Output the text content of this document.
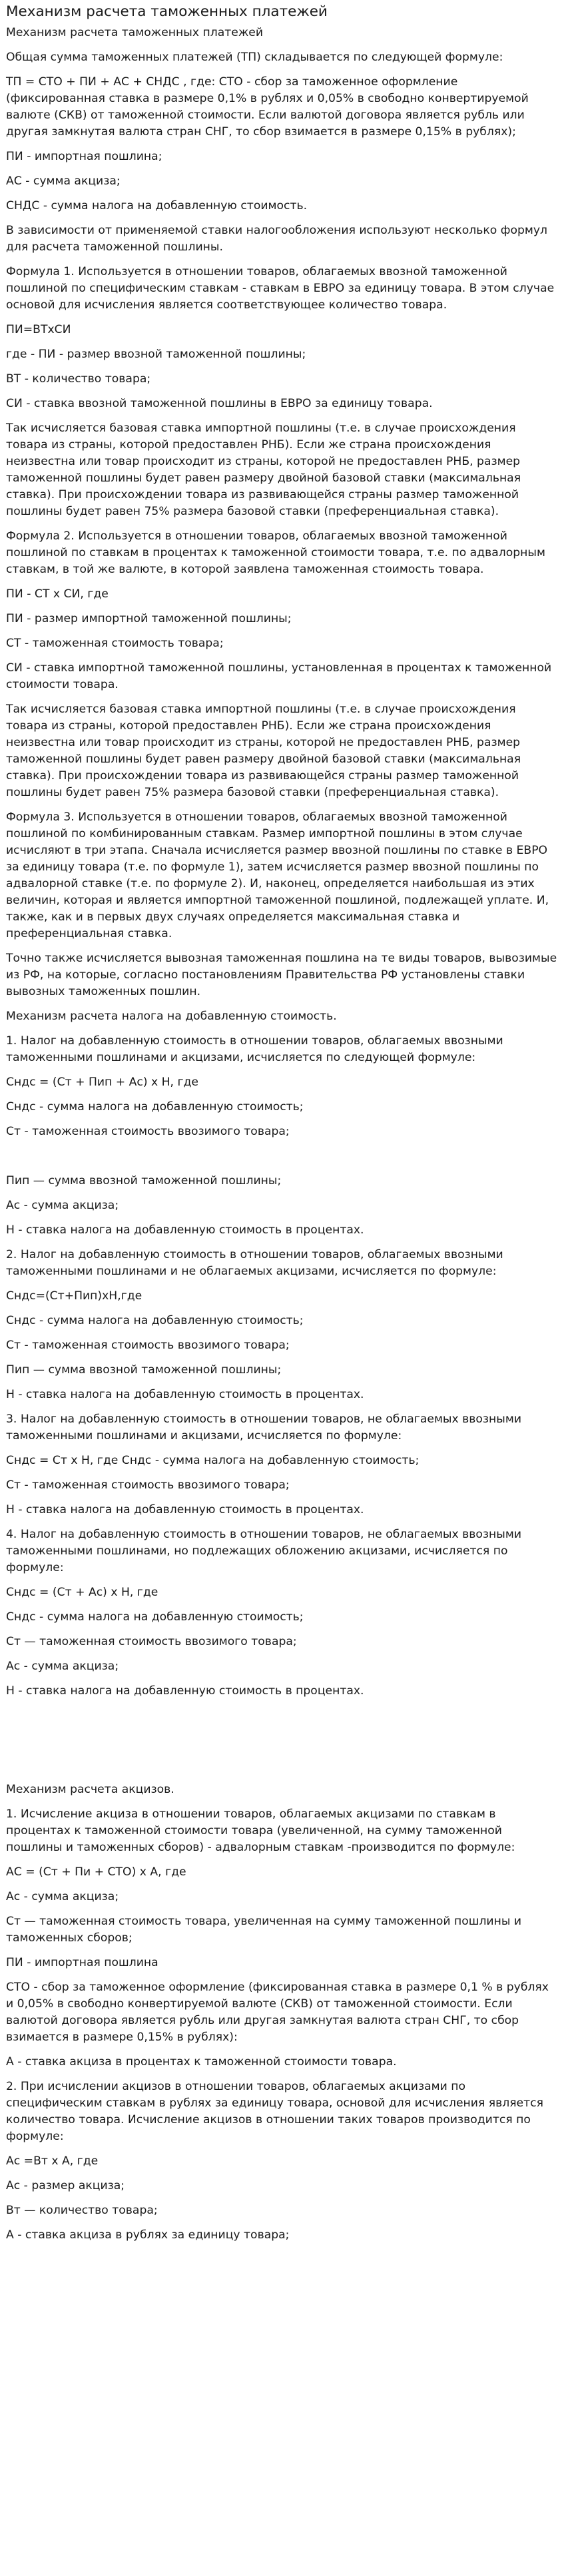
Механизм расчета таможенных платежей
Механизм расчета таможенных платежей
Общая сумма таможенных платежей (ТП) складывается по следующей формуле:
ТП = СТО + ПИ + АС + СНДС , где: СТО - сбор за таможенное оформление (фиксированная ставка в размере 0,1% в рублях и 0,05% в свободно конвертируемой валюте (СКВ) от таможенной стоимости. Если валютой договора является рубль или другая замкнутая валюта стран СНГ, то сбор взимается в размере 0,15% в рублях);
ПИ - импортная пошлина;
АС - сумма акциза;
СНДС - сумма налога на добавленную стоимость.
В зависимости от применяемой ставки налогообложения используют несколько формул для расчета таможенной пошлины.
Формула 1. Используется в отношении товаров, облагаемых ввозной таможенной пошлиной по специфическим ставкам - ставкам в ЕВРО за единицу товара. В этом случае основой для исчисления является соответствующее количество товара.
ПИ=ВТхСИ
где - ПИ - размер ввозной таможенной пошлины;
ВТ - количество товара;
СИ - ставка ввозной таможенной пошлины в ЕВРО за единицу товара.
Так исчисляется базовая ставка импортной пошлины (т.е. в случае происхождения товара из страны, которой предоставлен РНБ). Если же страна происхождения неизвестна или товар происходит из страны, которой не предоставлен РНБ, размер таможенной пошлины будет равен размеру двойной базовой ставки (максимальная ставка). При происхождении товара из развивающейся страны размер таможенной пошлины будет равен 75% размера базовой ставки (преференциальная ставка).
Формула 2. Используется в отношении товаров, облагаемых ввозной таможенной пошлиной по ставкам в процентах к таможенной стоимости товара, т.е. по адвалорным ставкам, в той же валюте, в которой заявлена таможенная стоимость товара.
ПИ - СТ х СИ, где
ПИ - размер импортной таможенной пошлины;
СТ - таможенная стоимость товара;
СИ - ставка импортной таможенной пошлины, установленная в процентах к таможенной стоимости товара.
Так исчисляется базовая ставка импортной пошлины (т.е. в случае происхождения товара из страны, которой предоставлен РНБ). Если же страна происхождения неизвестна или товар происходит из страны, которой не предоставлен РНБ, размер таможенной пошлины будет равен размеру двойной базовой ставки (максимальная ставка). При происхождении товара из развивающейся страны размер таможенной пошлины будет равен 75% размера базовой ставки (преференциальная ставка).
Формула 3. Используется в отношении товаров, облагаемых ввозной таможенной пошлиной по комбинированным ставкам. Размер импортной пошлины в этом случае исчисляют в три этапа. Сначала исчисляется размер ввозной пошлины по ставке в ЕВРО за единицу товара (т.е. по формуле 1), затем исчисляется размер ввозной пошлины по адвалорной ставке (т.е. по формуле 2). И, наконец, определяется наибольшая из этих величин, которая и является импортной таможенной пошлиной, подлежащей уплате. И, также, как и в первых двух случаях определяется максимальная ставка и преференциальная ставка.
Точно также исчисляется вывозная таможенная пошлина на те виды товаров, вывозимые из РФ, на которые, согласно постановлениям Правительства РФ установлены ставки вывозных таможенных пошлин.
Механизм расчета налога на добавленную стоимость.
1. Налог на добавленную стоимость в отношении товаров, облагаемых ввозными таможенными пошлинами и акцизами, исчисляется по следующей формуле:
Сндс = (Ст + Пип + Ас) х Н, где
Сндс - сумма налога на добавленную стоимость;
Ст - таможенная стоимость ввозимого товара;
Пип — сумма ввозной таможенной пошлины;
Ас - сумма акциза;
Н - ставка налога на добавленную стоимость в процентах.
2. Налог на добавленную стоимость в отношении товаров, облагаемых ввозными таможенными пошлинами и не облагаемых акцизами, исчисляется по формуле:
Сндс=(Ст+Пип)хН,где
Сндс - сумма налога на добавленную стоимость;
Ст - таможенная стоимость ввозимого товара;
Пип — сумма ввозной таможенной пошлины;
Н - ставка налога на добавленную стоимость в процентах.
3. Налог на добавленную стоимость в отношении товаров, не облагаемых ввозными таможенными пошлинами и акцизами, исчисляется по формуле:
Сндс = Ст х Н, где Сндс - сумма налога на добавленную стоимость;
Ст - таможенная стоимость ввозимого товара;
Н - ставка налога на добавленную стоимость в процентах.
4. Налог на добавленную стоимость в отношении товаров, не облагаемых ввозными таможенными пошлинами, но подлежащих обложению акцизами, исчисляется по формуле:
Сндс = (Ст + Ас) х Н, где
Сндс - сумма налога на добавленную стоимость;
Ст — таможенная стоимость ввозимого товара;
Ас - сумма акциза;
Н - ставка налога на добавленную стоимость в процентах.
Механизм расчета акцизов.
1. Исчисление акциза в отношении товаров, облагаемых акцизами по ставкам в процентах к таможенной стоимости товара (увеличенной, на сумму таможенной пошлины и таможенных сборов) - адвалорным ставкам -производится по формуле:
АС = (Ст + Пи + СТО) х А, где
Ас - сумма акциза;
Ст — таможенная стоимость товара, увеличенная на сумму таможенной пошлины и таможенных сборов;
ПИ - импортная пошлина
СТО - сбор за таможенное оформление (фиксированная ставка в размере 0,1 % в рублях и 0,05% в свободно конвертируемой валюте (СКВ) от таможенной стоимости. Если валютой договора является рубль или другая замкнутая валюта стран СНГ, то сбор взимается в размере 0,15% в рублях):
А - ставка акциза в процентах к таможенной стоимости товара.
2. При исчислении акцизов в отношении товаров, облагаемых акцизами по специфическим ставкам в рублях за единицу товара, основой для исчисления является количество товара. Исчисление акцизов в отношении таких товаров производится по формуле:
Ас =Вт х А, где
Ас - размер акциза;
Вт — количество товара;
А - ставка акциза в рублях за единицу товара;
